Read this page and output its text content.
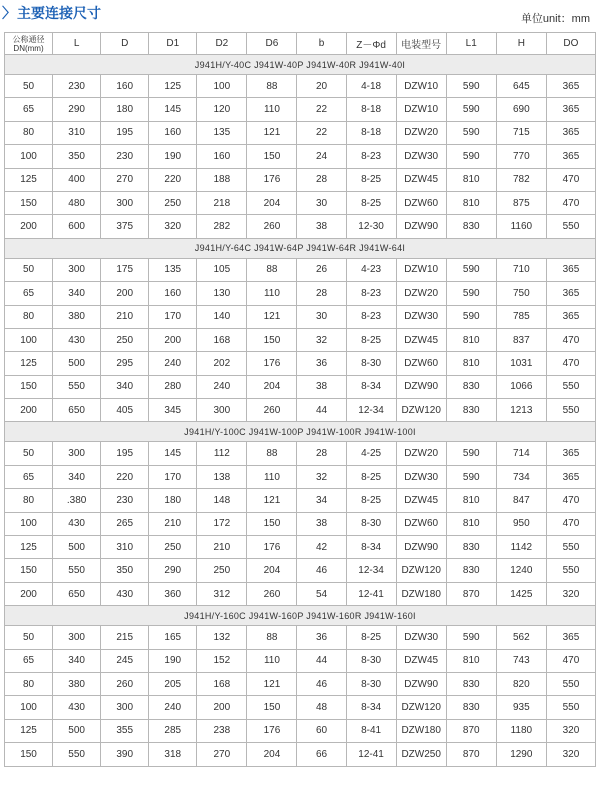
〉主要连接尺寸	单位unit：mm
公称通径DN(mm)	L	D	D1	D2	D6	b	Z－Φd	电装型号	L1	H	DO
J941H/Y-40C J941W-40P J941W-40R J941W-40I											
50	230	160	125	100	88	20	4-18	DZW10	590	645	365
65	290	180	145	120	110	22	8-18	DZW10	590	690	365
80	310	195	160	135	121	22	8-18	DZW20	590	715	365
100	350	230	190	160	150	24	8-23	DZW30	590	770	365
125	400	270	220	188	176	28	8-25	DZW45	810	782	470
150	480	300	250	218	204	30	8-25	DZW60	810	875	470
200	600	375	320	282	260	38	12-30	DZW90	830	1160	550
J941H/Y-64C J941W-64P J941W-64R J941W-64I											
50	300	175	135	105	88	26	4-23	DZW10	590	710	365
65	340	200	160	130	110	28	8-23	DZW20	590	750	365
80	380	210	170	140	121	30	8-23	DZW30	590	785	365
100	430	250	200	168	150	32	8-25	DZW45	810	837	470
125	500	295	240	202	176	36	8-30	DZW60	810	1031	470
150	550	340	280	240	204	38	8-34	DZW90	830	1066	550
200	650	405	345	300	260	44	12-34	DZW120	830	1213	550
J941H/Y-100C J941W-100P J941W-100R J941W-100I											
50	300	195	145	112	88	28	4-25	DZW20	590	714	365
65	340	220	170	138	110	32	8-25	DZW30	590	734	365
80	.380	230	180	148	121	34	8-25	DZW45	810	847	470
100	430	265	210	172	150	38	8-30	DZW60	810	950	470
125	500	310	250	210	176	42	8-34	DZW90	830	1142	550
150	550	350	290	250	204	46	12-34	DZW120	830	1240	550
200	650	430	360	312	260	54	12-41	DZW180	870	1425	320
J941H/Y-160C J941W-160P J941W-160R J941W-160I											
50	300	215	165	132	88	36	8-25	DZW30	590	562	365
65	340	245	190	152	110	44	8-30	DZW45	810	743	470
80	380	260	205	168	121	46	8-30	DZW90	830	820	550
100	430	300	240	200	150	48	8-34	DZW120	830	935	550
125	500	355	285	238	176	60	8-41	DZW180	870	1180	320
150	550	390	318	270	204	66	12-41	DZW250	870	1290	320
